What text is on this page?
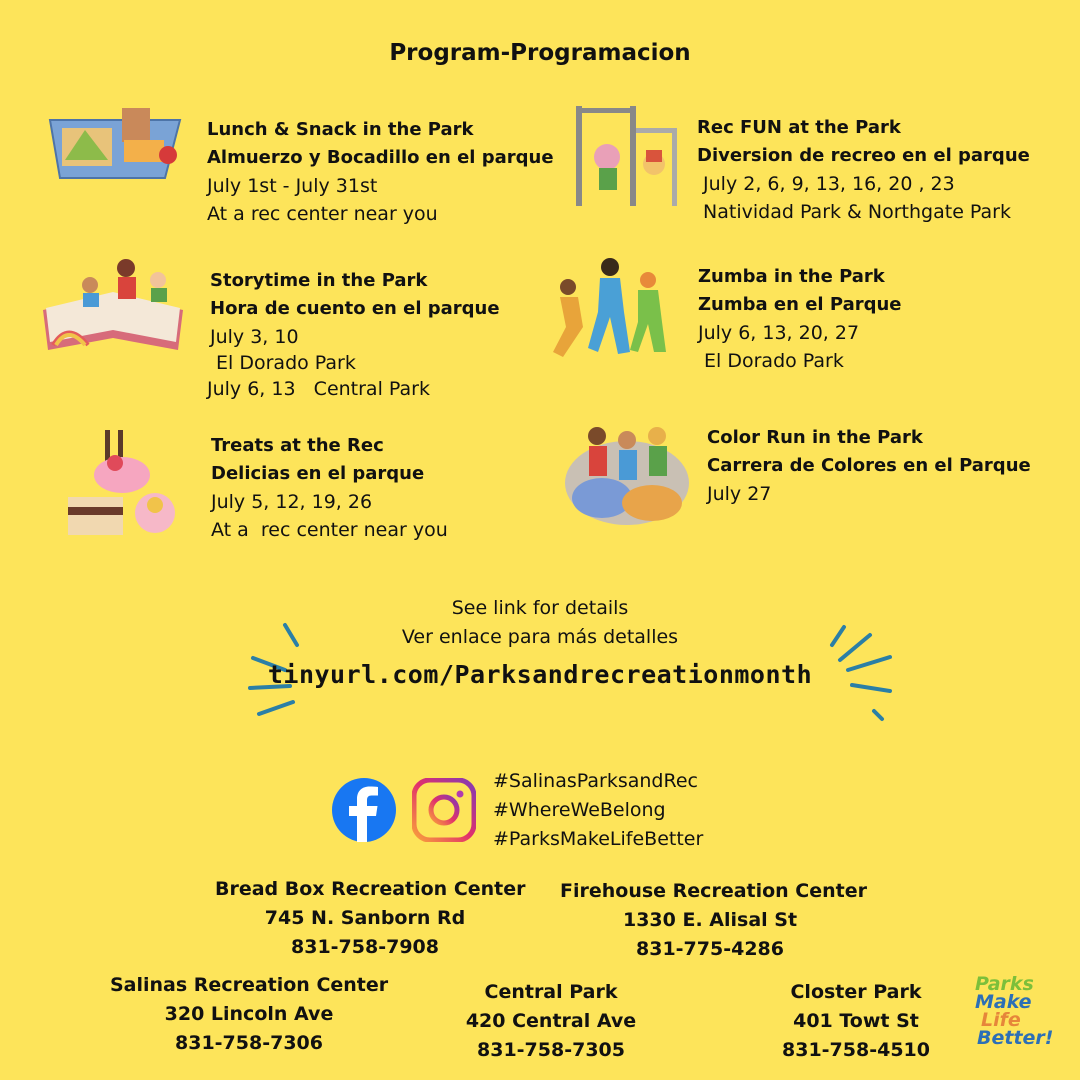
Program-Programacion
Lunch & Snack in the Park
Almuerzo y Bocadillo en el parque
July 1st - July 31st
At a rec center near you
Rec FUN at the Park
Diversion de recreo en el parque
July 2, 6, 9, 13, 16, 20 , 23
Natividad Park & Northgate Park
Storytime in the Park
Hora de cuento en el parque
July 3, 10
El Dorado Park
July 6, 13   Central Park
Zumba in the Park
Zumba en el Parque
July 6, 13, 20, 27
El Dorado Park
Treats at the Rec
Delicias en el parque
July 5, 12, 19, 26
At a  rec center near you
Color Run in the Park
Carrera de Colores en el Parque
July 27
See link for details
Ver enlace para más detalles
tinyurl.com/Parksandrecreationmonth
#SalinasParksandRec
#WhereWeBelong
#ParksMakeLifeBetter
Bread Box Recreation Center
745 N. Sanborn Rd
831-758-7908
Firehouse Recreation Center
1330 E. Alisal St
831-775-4286
Salinas Recreation Center
320 Lincoln Ave
831-758-7306
Central Park
420 Central Ave
831-758-7305
Closter Park
401 Towt St
831-758-4510
Parks
Make
Life
Better!
